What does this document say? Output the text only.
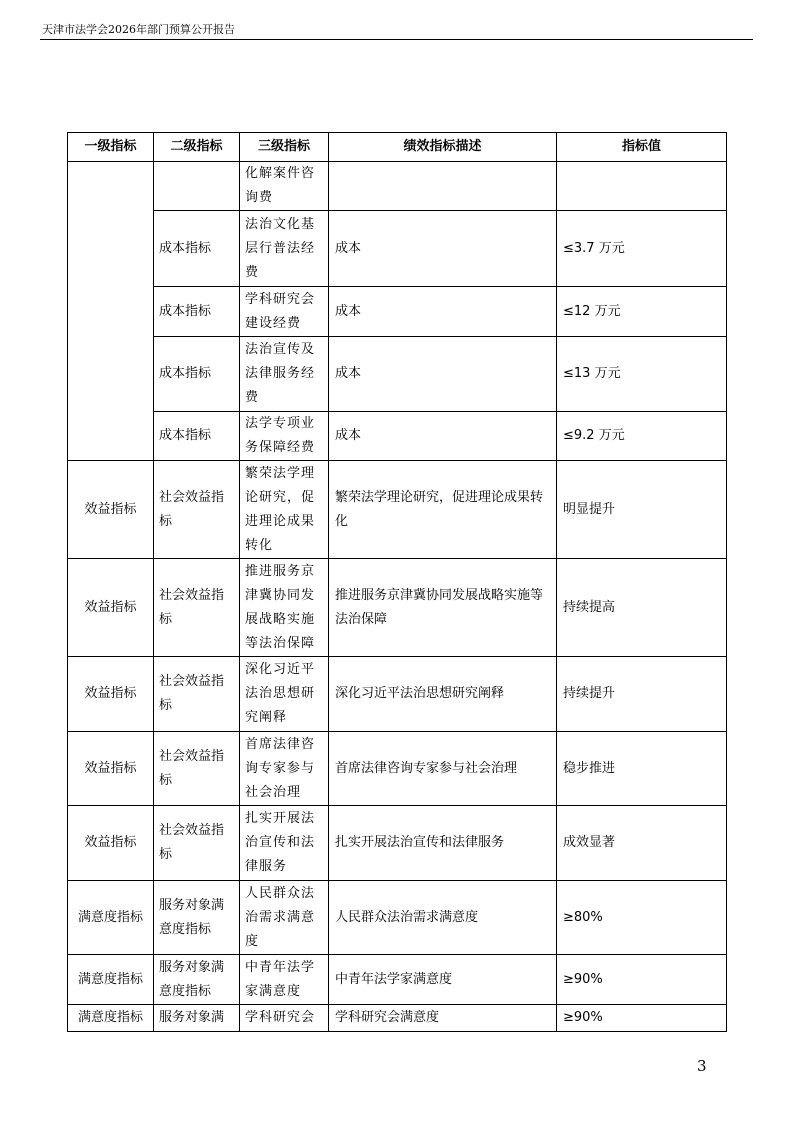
天津市法学会2026年部门预算公开报告
一级指标	二级指标	三级指标	绩效指标描述	指标值
		化解案件咨询费		
	成本指标	法治文化基层行普法经费	成本	≤3.7 万元
	成本指标	学科研究会建设经费	成本	≤12 万元
	成本指标	法治宣传及法律服务经费	成本	≤13 万元
	成本指标	法学专项业务保障经费	成本	≤9.2 万元
效益指标	社会效益指标	繁荣法学理论研究，促进理论成果转化	繁荣法学理论研究，促进理论成果转化	明显提升
效益指标	社会效益指标	推进服务京津冀协同发展战略实施等法治保障	推进服务京津冀协同发展战略实施等法治保障	持续提高
效益指标	社会效益指标	深化习近平法治思想研究阐释	深化习近平法治思想研究阐释	持续提升
效益指标	社会效益指标	首席法律咨询专家参与社会治理	首席法律咨询专家参与社会治理	稳步推进
效益指标	社会效益指标	扎实开展法治宣传和法律服务	扎实开展法治宣传和法律服务	成效显著
满意度指标	服务对象满意度指标	人民群众法治需求满意度	人民群众法治需求满意度	≥80%
满意度指标	服务对象满意度指标	中青年法学家满意度	中青年法学家满意度	≥90%
满意度指标	服务对象满	学科研究会	学科研究会满意度	≥90%
3
